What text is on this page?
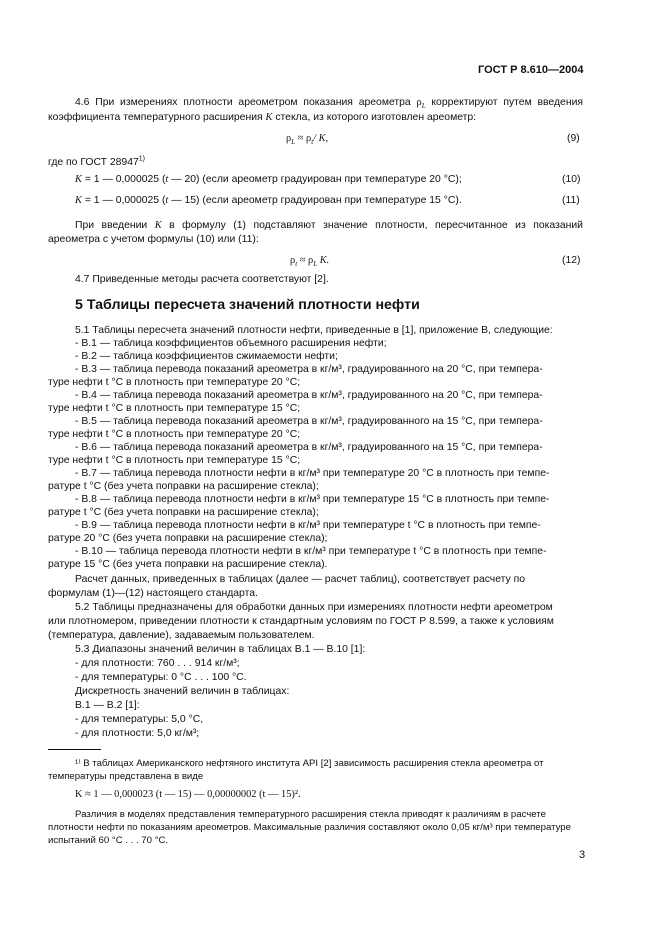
ГОСТ Р 8.610—2004
4.6 При измерениях плотности ареометром показания ареометра $\rho_L$ корректируют путем введения
коэффициента температурного расширения K стекла, из которого изготовлен ареометр:
$\rho_L \approx \rho_t/$ K,	(9)
где по ГОСТ 28947$^{1)}$
K = 1 — 0,000025 (t — 20) (если ареометр градуирован при температуре 20 °С);	(10)
K = 1 — 0,000025 (t — 15) (если ареометр градуирован при температуре 15 °С).	(11)
При введении K в формулу (1) подставляют значение плотности, пересчитанное из показаний
ареометра с учетом формулы (10) или (11):
$\rho_t \approx \rho_L$ K.	(12)
4.7 Приведенные методы расчета соответствуют [2].
5 Таблицы пересчета значений плотности нефти
5.1 Таблицы пересчета значений плотности нефти, приведенные в [1], приложение В, следующие:
- В.1 — таблица коэффициентов объемного расширения нефти;
- В.2 — таблица коэффициентов сжимаемости нефти;
- В.3 — таблица перевода показаний ареометра в кг/м³, градуированного на 20 °С, при темпера-
туре нефти t °С в плотность при температуре 20 °С;
- В.4 — таблица перевода показаний ареометра в кг/м³, градуированного на 20 °С, при темпера-
туре нефти t °С в плотность при температуре 15 °С;
- В.5 — таблица перевода показаний ареометра в кг/м³, градуированного на 15 °С, при темпера-
туре нефти t °С в плотность при температуре 20 °С;
- В.6 — таблица перевода показаний ареометра в кг/м³, градуированного на 15 °С, при темпера-
туре нефти t °С в плотность при температуре 15 °С;
- В.7 — таблица перевода плотности нефти в кг/м³ при температуре 20 °С в плотность при темпе-
ратуре t °С (без учета поправки на расширение стекла);
- В.8 — таблица перевода плотности нефти в кг/м³ при температуре 15 °С в плотность при темпе-
ратуре t °С (без учета поправки на расширение стекла);
- В.9 — таблица перевода плотности нефти в кг/м³ при температуре t °С в плотность при темпе-
ратуре 20 °С (без учета поправки на расширение стекла);
- В.10 — таблица перевода плотности нефти в кг/м³ при температуре t °С в плотность при темпе-
ратуре 15 °С (без учета поправки на расширение стекла).
Расчет данных, приведенных в таблицах (далее — расчет таблиц), соответствует расчету по
формулам (1)—(12) настоящего стандарта.
5.2 Таблицы предназначены для обработки данных при измерениях плотности нефти ареометром
или плотномером, приведении плотности к стандартным условиям по ГОСТ Р 8.599, а также к условиям
(температура, давление), задаваемым пользователем.
5.3 Диапазоны значений величин в таблицах В.1 — В.10 [1]:
- для плотности: 760 . . . 914 кг/м³;
- для температуры: 0 °С . . . 100 °С.
Дискретность значений величин в таблицах:
В.1 — В.2 [1]:
- для температуры: 5,0 °С,
- для плотности: 5,0 кг/м³;
¹⁾ В таблицах Американского нефтяного института API [2] зависимость расширения стекла ареометра от
температуры представлена в виде
K ≈ 1 — 0,000023 (t — 15) — 0,00000002 (t — 15)².
Различия в моделях представления температурного расширения стекла приводят к различиям в расчете
плотности нефти по показаниям ареометров. Максимальные различия составляют около 0,05 кг/м³ при температуре
испытаний 60 °С . . . 70 °С.
3
